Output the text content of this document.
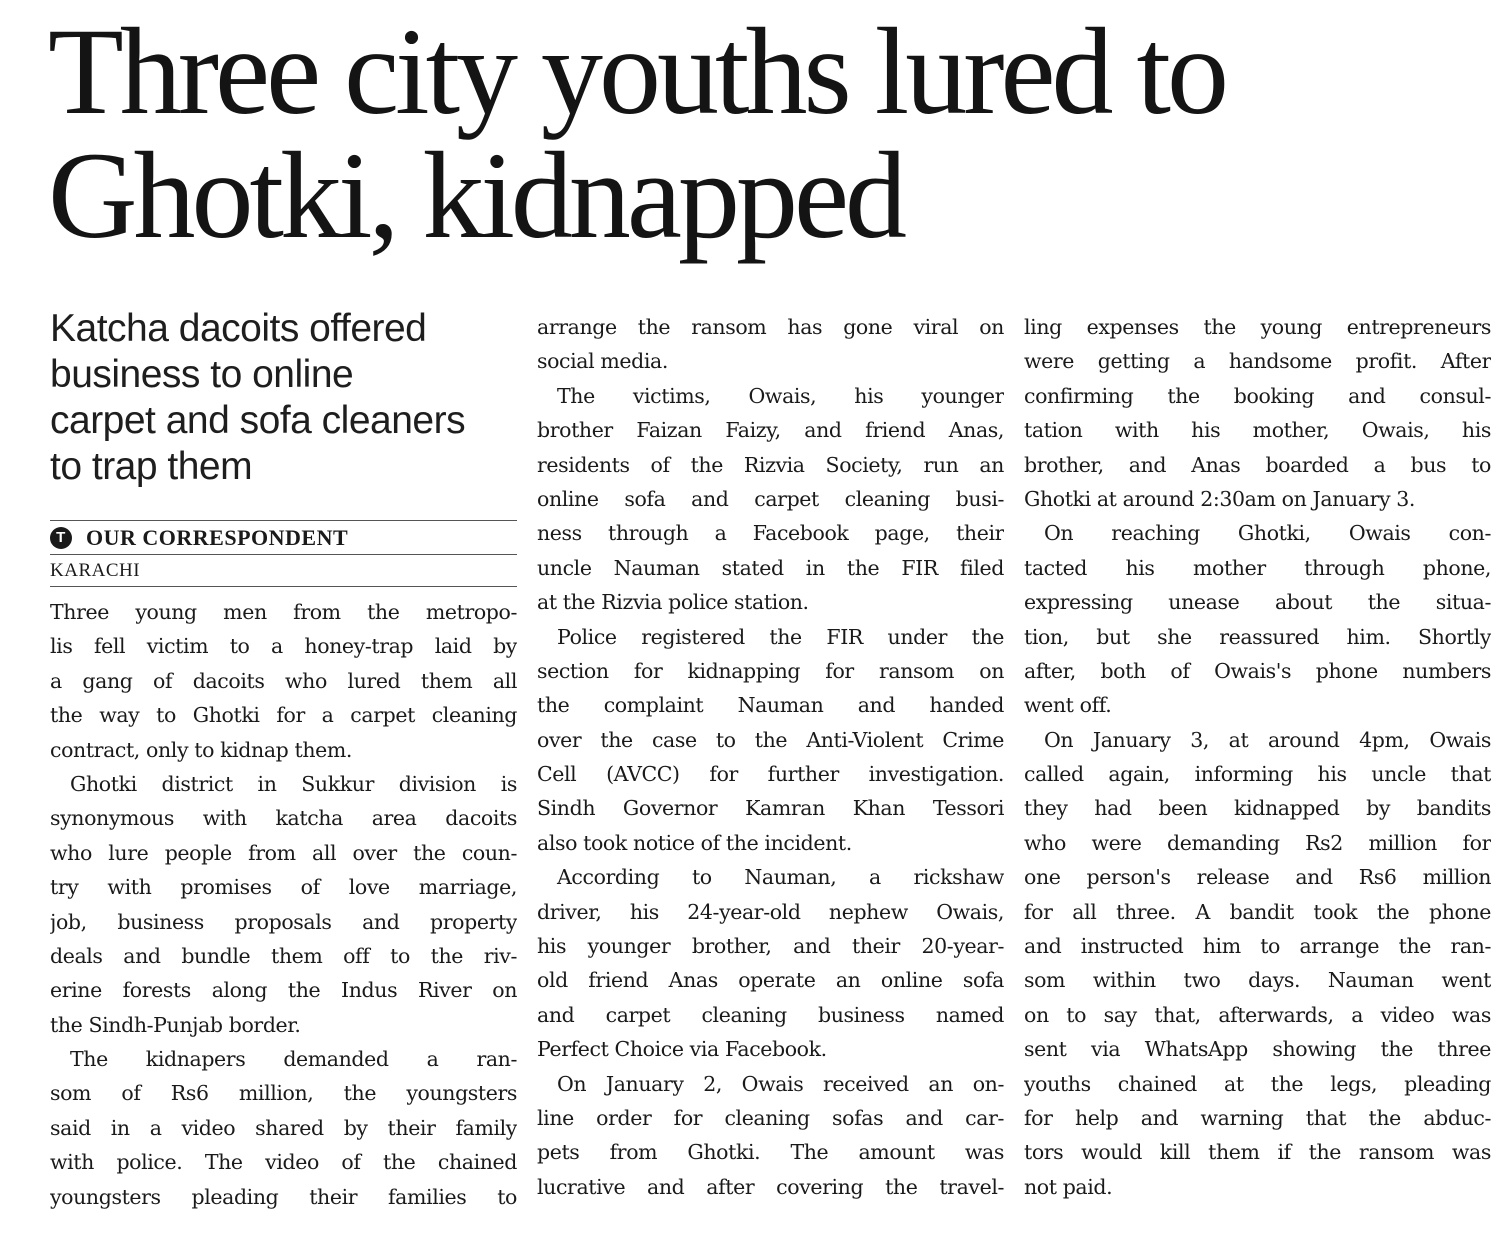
Three city youths lured to
Ghotki, kidnapped
Katcha dacoits offered
business to online
carpet and sofa cleaners
to trap them
T OUR CORRESPONDENT
KARACHI
Three young men from the metropo-
lis fell victim to a honey-trap laid by
a gang of dacoits who lured them all
the way to Ghotki for a carpet cleaning
contract, only to kidnap them.
Ghotki district in Sukkur division is
synonymous with katcha area dacoits
who lure people from all over the coun-
try with promises of love marriage,
job, business proposals and property
deals and bundle them off to the riv-
erine forests along the Indus River on
the Sindh-Punjab border.
The kidnapers demanded a ran-
som of Rs6 million, the youngsters
said in a video shared by their family
with police. The video of the chained
youngsters pleading their families to
arrange the ransom has gone viral on
social media.
The victims, Owais, his younger
brother Faizan Faizy, and friend Anas,
residents of the Rizvia Society, run an
online sofa and carpet cleaning busi-
ness through a Facebook page, their
uncle Nauman stated in the FIR filed
at the Rizvia police station.
Police registered the FIR under the
section for kidnapping for ransom on
the complaint Nauman and handed
over the case to the Anti-Violent Crime
Cell (AVCC) for further investigation.
Sindh Governor Kamran Khan Tessori
also took notice of the incident.
According to Nauman, a rickshaw
driver, his 24-year-old nephew Owais,
his younger brother, and their 20-year-
old friend Anas operate an online sofa
and carpet cleaning business named
Perfect Choice via Facebook.
On January 2, Owais received an on-
line order for cleaning sofas and car-
pets from Ghotki. The amount was
lucrative and after covering the travel-
ling expenses the young entrepreneurs
were getting a handsome profit. After
confirming the booking and consul-
tation with his mother, Owais, his
brother, and Anas boarded a bus to
Ghotki at around 2:30am on January 3.
On reaching Ghotki, Owais con-
tacted his mother through phone,
expressing unease about the situa-
tion, but she reassured him. Shortly
after, both of Owais's phone numbers
went off.
On January 3, at around 4pm, Owais
called again, informing his uncle that
they had been kidnapped by bandits
who were demanding Rs2 million for
one person's release and Rs6 million
for all three. A bandit took the phone
and instructed him to arrange the ran-
som within two days. Nauman went
on to say that, afterwards, a video was
sent via WhatsApp showing the three
youths chained at the legs, pleading
for help and warning that the abduc-
tors would kill them if the ransom was
not paid.
